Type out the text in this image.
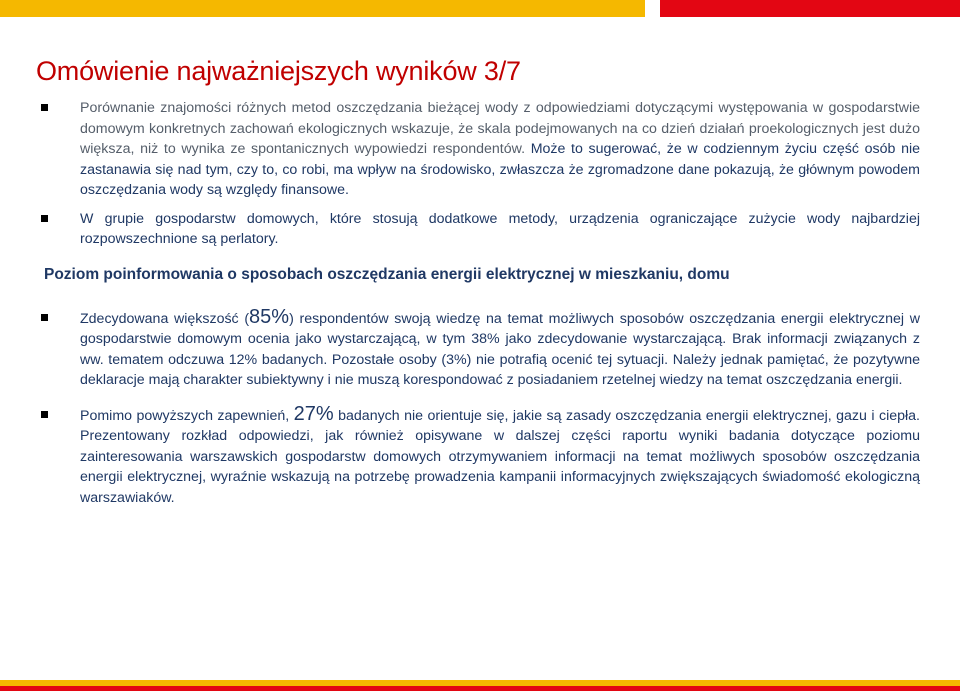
Omówienie najważniejszych wyników 3/7
Porównanie znajomości różnych metod oszczędzania bieżącej wody z odpowiedziami dotyczącymi występowania w gospodarstwie domowym konkretnych zachowań ekologicznych wskazuje, że skala podejmowanych na co dzień działań proekologicznych jest dużo większa, niż to wynika ze spontanicznych wypowiedzi respondentów. Może to sugerować, że w codziennym życiu część osób nie zastanawia się nad tym, czy to, co robi, ma wpływ na środowisko, zwłaszcza że zgromadzone dane pokazują, że głównym powodem oszczędzania wody są względy finansowe.
W grupie gospodarstw domowych, które stosują dodatkowe metody, urządzenia ograniczające zużycie wody najbardziej rozpowszechnione są perlatory.
Poziom poinformowania o sposobach oszczędzania energii elektrycznej w mieszkaniu, domu
Zdecydowana większość (85%) respondentów swoją wiedzę na temat możliwych sposobów oszczędzania energii elektrycznej w gospodarstwie domowym ocenia jako wystarczającą, w tym 38% jako zdecydowanie wystarczającą. Brak informacji związanych z ww. tematem odczuwa 12% badanych. Pozostałe osoby (3%) nie potrafią ocenić tej sytuacji. Należy jednak pamiętać, że pozytywne deklaracje mają charakter subiektywny i nie muszą korespondować z posiadaniem rzetelnej wiedzy na temat oszczędzania energii.
Pomimo powyższych zapewnień, 27% badanych nie orientuje się, jakie są zasady oszczędzania energii elektrycznej, gazu i ciepła. Prezentowany rozkład odpowiedzi, jak również opisywane w dalszej części raportu wyniki badania dotyczące poziomu zainteresowania warszawskich gospodarstw domowych otrzymywaniem informacji na temat możliwych sposobów oszczędzania energii elektrycznej, wyraźnie wskazują na potrzebę prowadzenia kampanii informacyjnych zwiększających świadomość ekologiczną warszawiaków.
